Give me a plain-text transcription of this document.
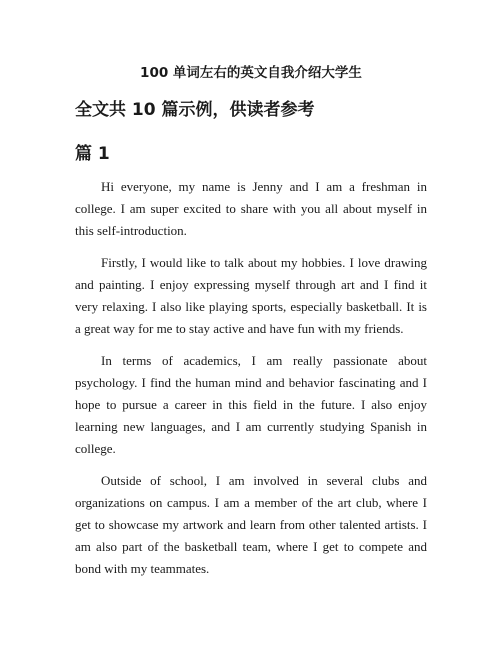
100 单词左右的英文自我介绍大学生
全文共 10 篇示例，供读者参考
篇 1

Hi everyone, my name is Jenny and I am a freshman in college. I am super excited to share with you all about myself in this self-introduction.

Firstly, I would like to talk about my hobbies. I love drawing and painting. I enjoy expressing myself through art and I find it very relaxing. I also like playing sports, especially basketball. It is a great way for me to stay active and have fun with my friends.

In terms of academics, I am really passionate about psychology. I find the human mind and behavior fascinating and I hope to pursue a career in this field in the future. I also enjoy learning new languages, and I am currently studying Spanish in college.

Outside of school, I am involved in several clubs and organizations on campus. I am a member of the art club, where I get to showcase my artwork and learn from other talented artists. I am also part of the basketball team, where I get to compete and bond with my teammates.
